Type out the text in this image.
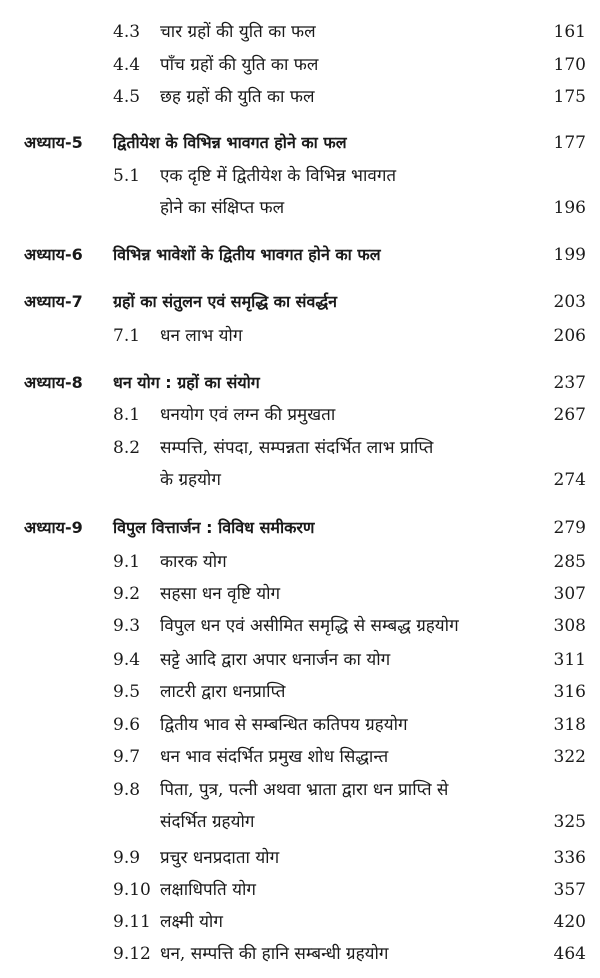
4.3 चार ग्रहों की युति का फल	161
4.4 पाँच ग्रहों की युति का फल	170
4.5 छह ग्रहों की युति का फल	175
अध्याय-5 द्वितीयेश के विभिन्न भावगत होने का फल	177
5.1 एक दृष्टि में द्वितीयेश के विभिन्न भावगत
होने का संक्षिप्त फल	196
अध्याय-6 विभिन्न भावेशों के द्वितीय भावगत होने का फल	199
अध्याय-7 ग्रहों का संतुलन एवं समृद्धि का संवर्द्धन	203
7.1 धन लाभ योग	206
अध्याय-8 धन योग : ग्रहों का संयोग	237
8.1 धनयोग एवं लग्न की प्रमुखता	267
8.2 सम्पत्ति, संपदा, सम्पन्नता संदर्भित लाभ प्राप्ति
के ग्रहयोग	274
अध्याय-9 विपुल वित्तार्जन : विविध समीकरण	279
9.1 कारक योग	285
9.2 सहसा धन वृष्टि योग	307
9.3 विपुल धन एवं असीमित समृद्धि से सम्बद्ध ग्रहयोग	308
9.4 सट्टे आदि द्वारा अपार धनार्जन का योग	311
9.5 लाटरी द्वारा धनप्राप्ति	316
9.6 द्वितीय भाव से सम्बन्धित कतिपय ग्रहयोग	318
9.7 धन भाव संदर्भित प्रमुख शोध सिद्धान्त	322
9.8 पिता, पुत्र, पत्नी अथवा भ्राता द्वारा धन प्राप्ति से
संदर्भित ग्रहयोग	325
9.9 प्रचुर धनप्रदाता योग	336
9.10 लक्षाधिपति योग	357
9.11 लक्ष्मी योग	420
9.12 धन, सम्पत्ति की हानि सम्बन्धी ग्रहयोग	464
